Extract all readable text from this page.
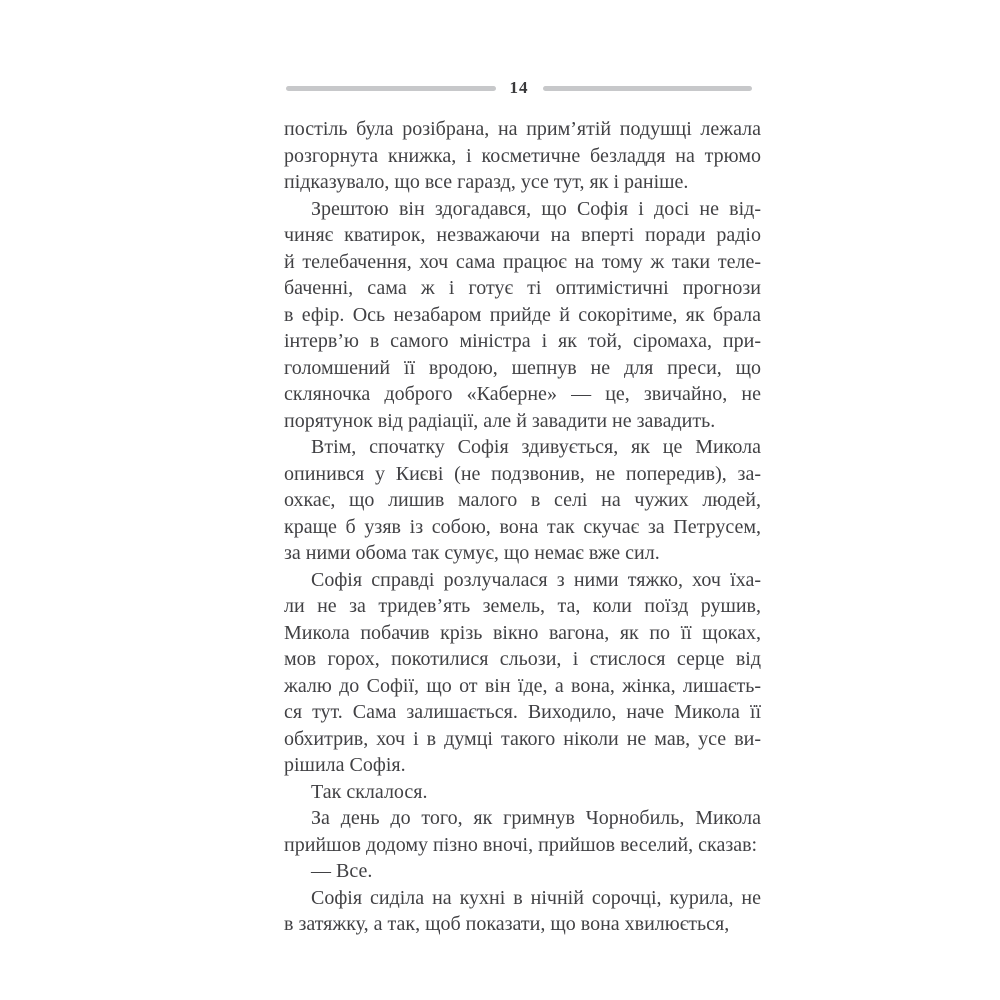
14
постіль була розібрана, на прим’ятій подушці лежала
розгорнута книжка, і косметичне безладдя на трюмо
підказувало, що все гаразд, усе тут, як і раніше.
Зрештою він здогадався, що Софія і досі не від-
чиняє кватирок, незважаючи на вперті поради радіо
й телебачення, хоч сама працює на тому ж таки теле-
баченні, сама ж і готує ті оптимістичні прогнози
в ефір. Ось незабаром прийде й сокорітиме, як брала
інтерв’ю в самого міністра і як той, сіромаха, при-
голомшений її вродою, шепнув не для преси, що
скляночка доброго «Каберне» — це, звичайно, не
порятунок від радіації, але й завадити не завадить.
Втім, спочатку Софія здивується, як це Микола
опинився у Києві (не подзвонив, не попередив), за-
охкає, що лишив малого в селі на чужих людей,
краще б узяв із собою, вона так скучає за Петрусем,
за ними обома так сумує, що немає вже сил.
Софія справді розлучалася з ними тяжко, хоч їха-
ли не за тридев’ять земель, та, коли поїзд рушив,
Микола побачив крізь вікно вагона, як по її щоках,
мов горох, покотилися сльози, і стислося серце від
жалю до Софії, що от він їде, а вона, жінка, лишаєть-
ся тут. Сама залишається. Виходило, наче Микола її
обхитрив, хоч і в думці такого ніколи не мав, усе ви-
рішила Софія.
Так склалося.
За день до того, як гримнув Чорнобиль, Микола
прийшов додому пізно вночі, прийшов веселий, сказав:
— Все.
Софія сиділа на кухні в нічній сорочці, курила, не
в затяжку, а так, щоб показати, що вона хвилюється,
